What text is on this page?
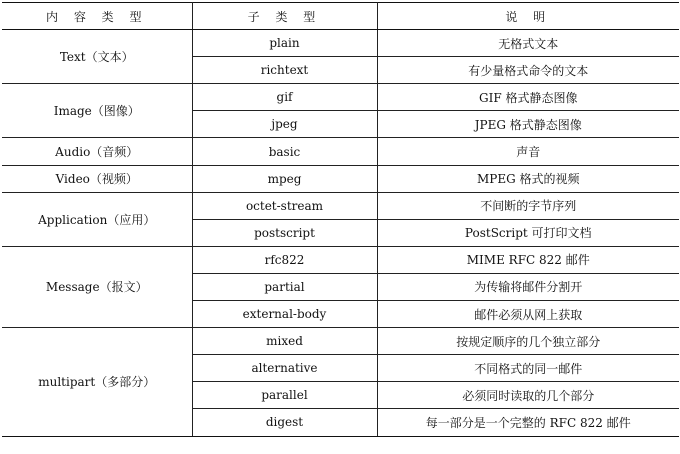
内 容 类 型	子 类 型	说 明
Text（文本）	plain	无格式文本
	richtext	有少量格式命令的文本
Image（图像）	gif	GIF 格式静态图像
	jpeg	JPEG 格式静态图像
Audio（音频）	basic	声音
Video（视频）	mpeg	MPEG 格式的视频
Application（应用）	octet-stream	不间断的字节序列
	postscript	PostScript 可打印文档
Message（报文）	rfc822	MIME RFC 822 邮件
	partial	为传输将邮件分割开
	external-body	邮件必须从网上获取
multipart（多部分）	mixed	按规定顺序的几个独立部分
	alternative	不同格式的同一邮件
	parallel	必须同时读取的几个部分
	digest	每一部分是一个完整的 RFC 822 邮件
